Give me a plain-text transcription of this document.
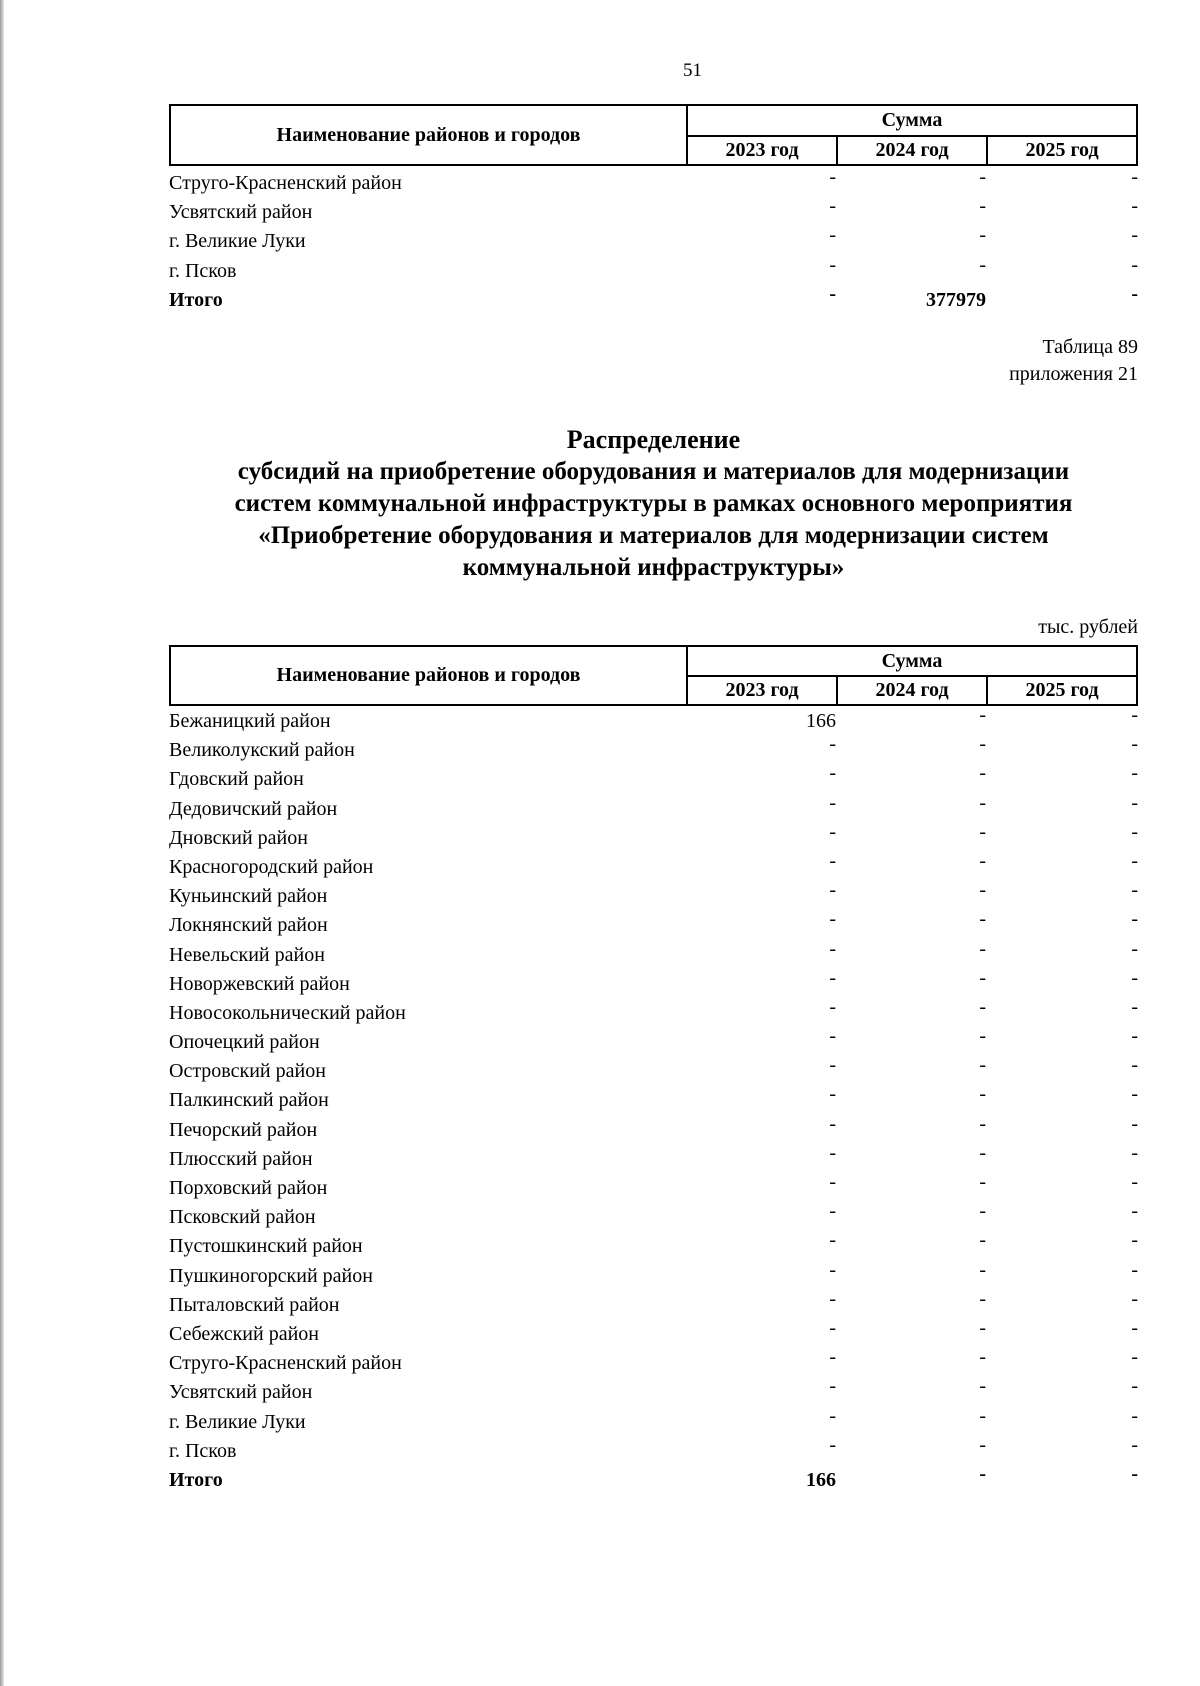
51
Наименование районов и городов	Сумма		
	2023 год	2024 год	2025 год
Струго-Красненский район	-	-	-
Усвятский район	-	-	-
г. Великие Луки	-	-	-
г. Псков	-	-	-
Итого	-	377979	-
Таблица 89
приложения 21
Распределение
субсидий на приобретение оборудования и материалов для модернизации
систем коммунальной инфраструктуры в рамках основного мероприятия
«Приобретение оборудования и материалов для модернизации систем
коммунальной инфраструктуры»
тыс. рублей
Наименование районов и городов	Сумма		
	2023 год	2024 год	2025 год
Бежаницкий район	166	-	-
Великолукский район	-	-	-
Гдовский район	-	-	-
Дедовичский район	-	-	-
Дновский район	-	-	-
Красногородский район	-	-	-
Куньинский район	-	-	-
Локнянский район	-	-	-
Невельский район	-	-	-
Новоржевский район	-	-	-
Новосокольнический район	-	-	-
Опочецкий район	-	-	-
Островский район	-	-	-
Палкинский район	-	-	-
Печорский район	-	-	-
Плюсский район	-	-	-
Порховский район	-	-	-
Псковский район	-	-	-
Пустошкинский район	-	-	-
Пушкиногорский район	-	-	-
Пыталовский район	-	-	-
Себежский район	-	-	-
Струго-Красненский район	-	-	-
Усвятский район	-	-	-
г. Великие Луки	-	-	-
г. Псков	-	-	-
Итого	166	-	-
